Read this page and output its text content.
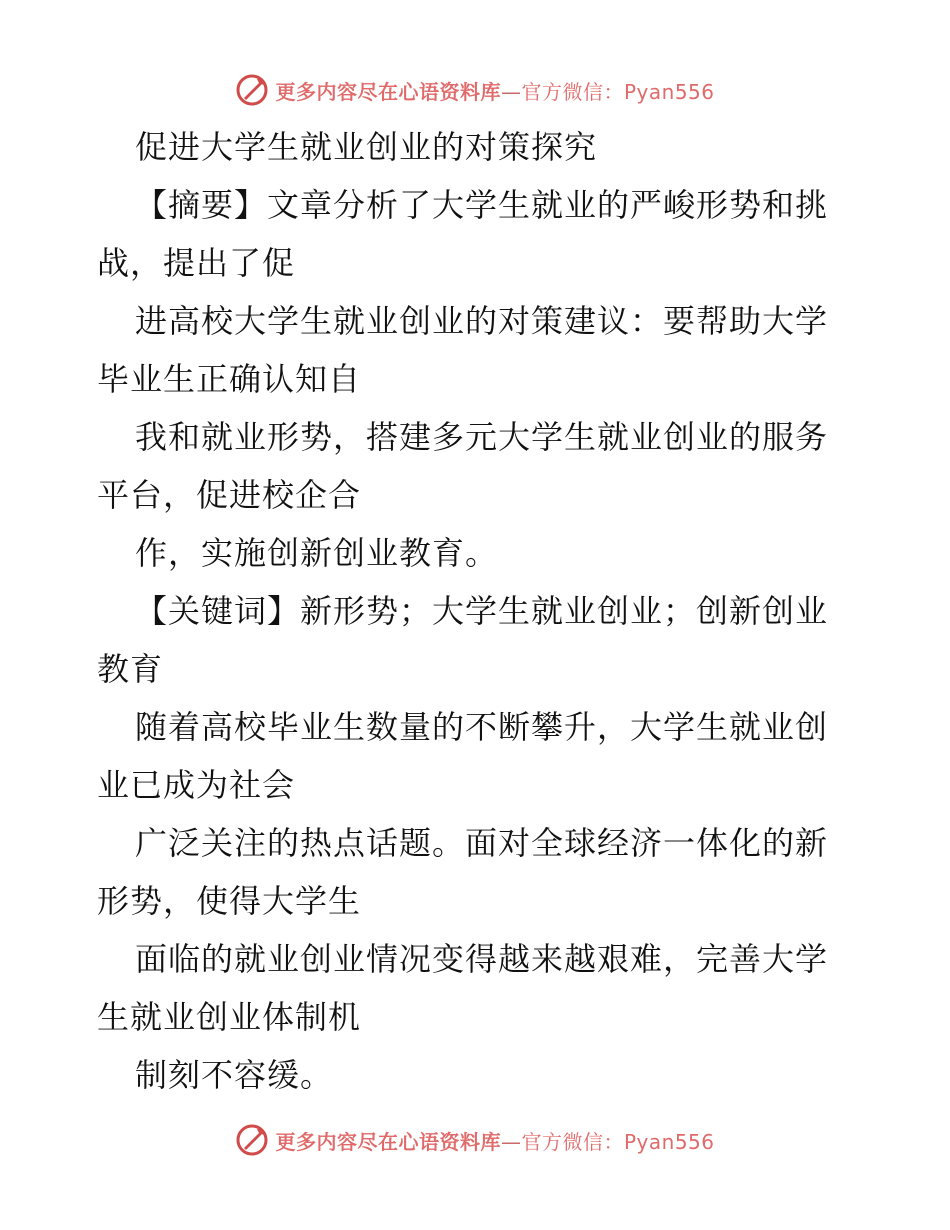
更多内容尽在心语资料库—官方微信：Pyan556
促进大学生就业创业的对策探究
【摘要】文章分析了大学生就业的严峻形势和挑
战，提出了促
进高校大学生就业创业的对策建议：要帮助大学
毕业生正确认知自
我和就业形势，搭建多元大学生就业创业的服务
平台，促进校企合
作，实施创新创业教育。
【关键词】新形势；大学生就业创业；创新创业
教育
随着高校毕业生数量的不断攀升，大学生就业创
业已成为社会
广泛关注的热点话题。面对全球经济一体化的新
形势，使得大学生
面临的就业创业情况变得越来越艰难，完善大学
生就业创业体制机
制刻不容缓。
更多内容尽在心语资料库—官方微信：Pyan556
